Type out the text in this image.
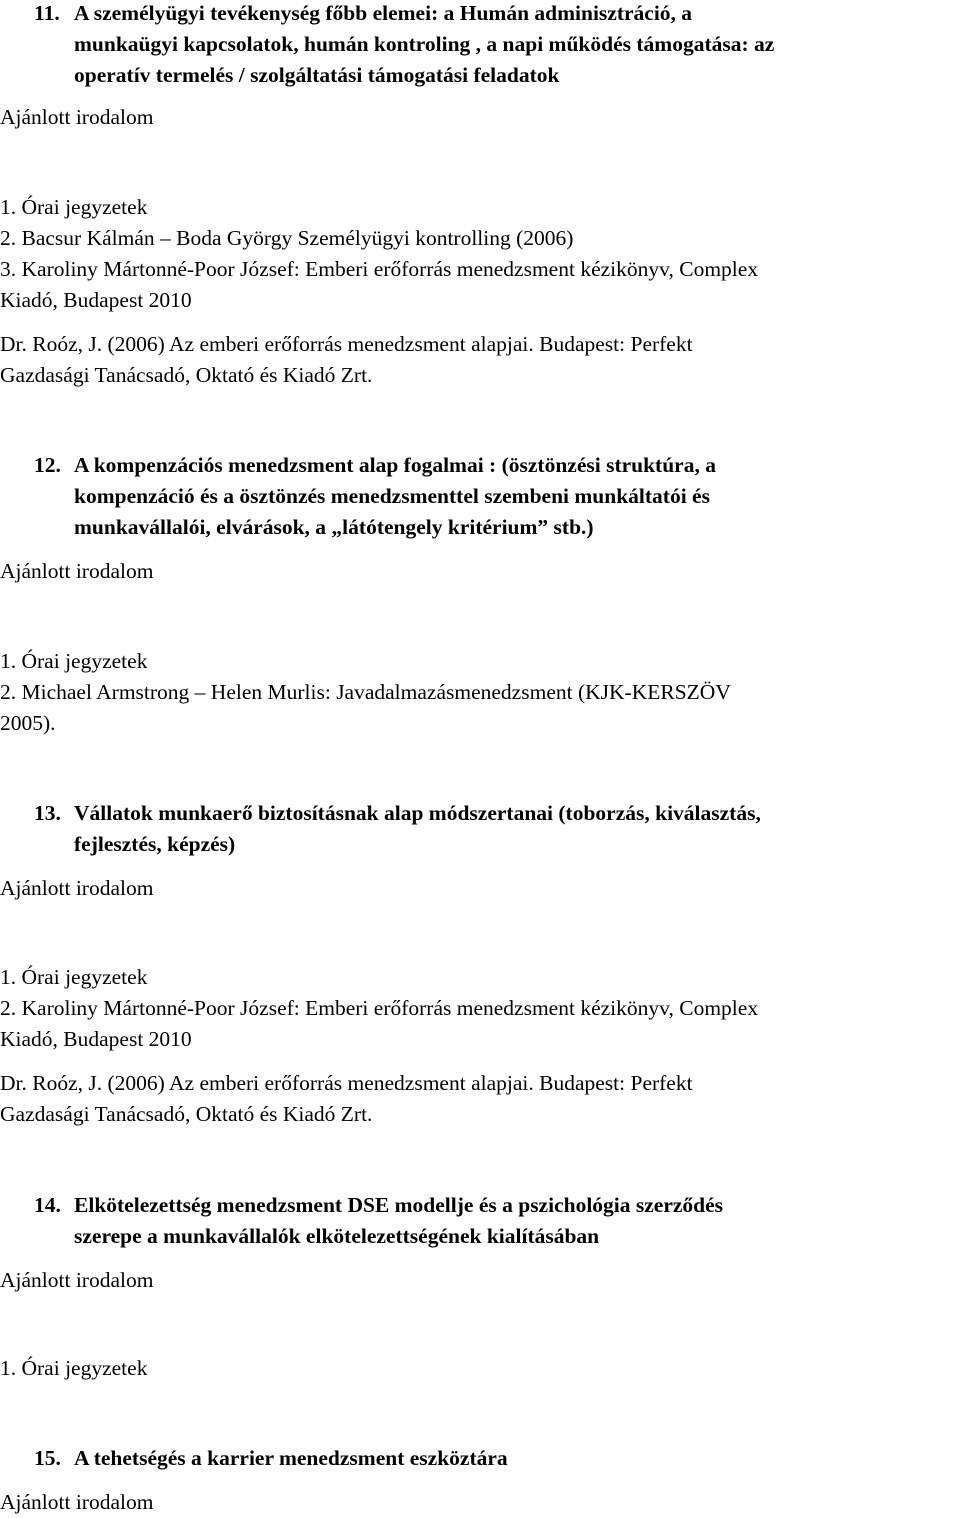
11. A személyügyi tevékenység főbb elemei: a Humán adminisztráció, a
munkaügyi kapcsolatok, humán kontroling , a napi működés támogatása: az
operatív termelés / szolgáltatási támogatási feladatok
Ajánlott irodalom
1. Órai jegyzetek
2. Bacsur Kálmán – Boda György Személyügyi kontrolling (2006)
3. Karoliny Mártonné-Poor József: Emberi erőforrás menedzsment kézikönyv, Complex
Kiadó, Budapest 2010
Dr. Roóz, J. (2006) Az emberi erőforrás menedzsment alapjai. Budapest: Perfekt
Gazdasági Tanácsadó, Oktató és Kiadó Zrt.
12. A kompenzációs menedzsment alap fogalmai : (ösztönzési struktúra, a
kompenzáció és a ösztönzés menedzsmenttel szembeni munkáltatói és
munkavállalói, elvárások, a „látótengely kritérium” stb.)
Ajánlott irodalom
1. Órai jegyzetek
2. Michael Armstrong – Helen Murlis: Javadalmazásmenedzsment (KJK-KERSZÖV
2005).
13. Vállatok munkaerő biztosításnak alap módszertanai (toborzás, kiválasztás,
fejlesztés, képzés)
Ajánlott irodalom
1. Órai jegyzetek
2. Karoliny Mártonné-Poor József: Emberi erőforrás menedzsment kézikönyv, Complex
Kiadó, Budapest 2010
Dr. Roóz, J. (2006) Az emberi erőforrás menedzsment alapjai. Budapest: Perfekt
Gazdasági Tanácsadó, Oktató és Kiadó Zrt.
14. Elkötelezettség menedzsment DSE modellje és a pszichológia szerződés
szerepe a munkavállalók elkötelezettségének kialításában
Ajánlott irodalom
1. Órai jegyzetek
15. A tehetségés a karrier menedzsment eszköztára
Ajánlott irodalom
